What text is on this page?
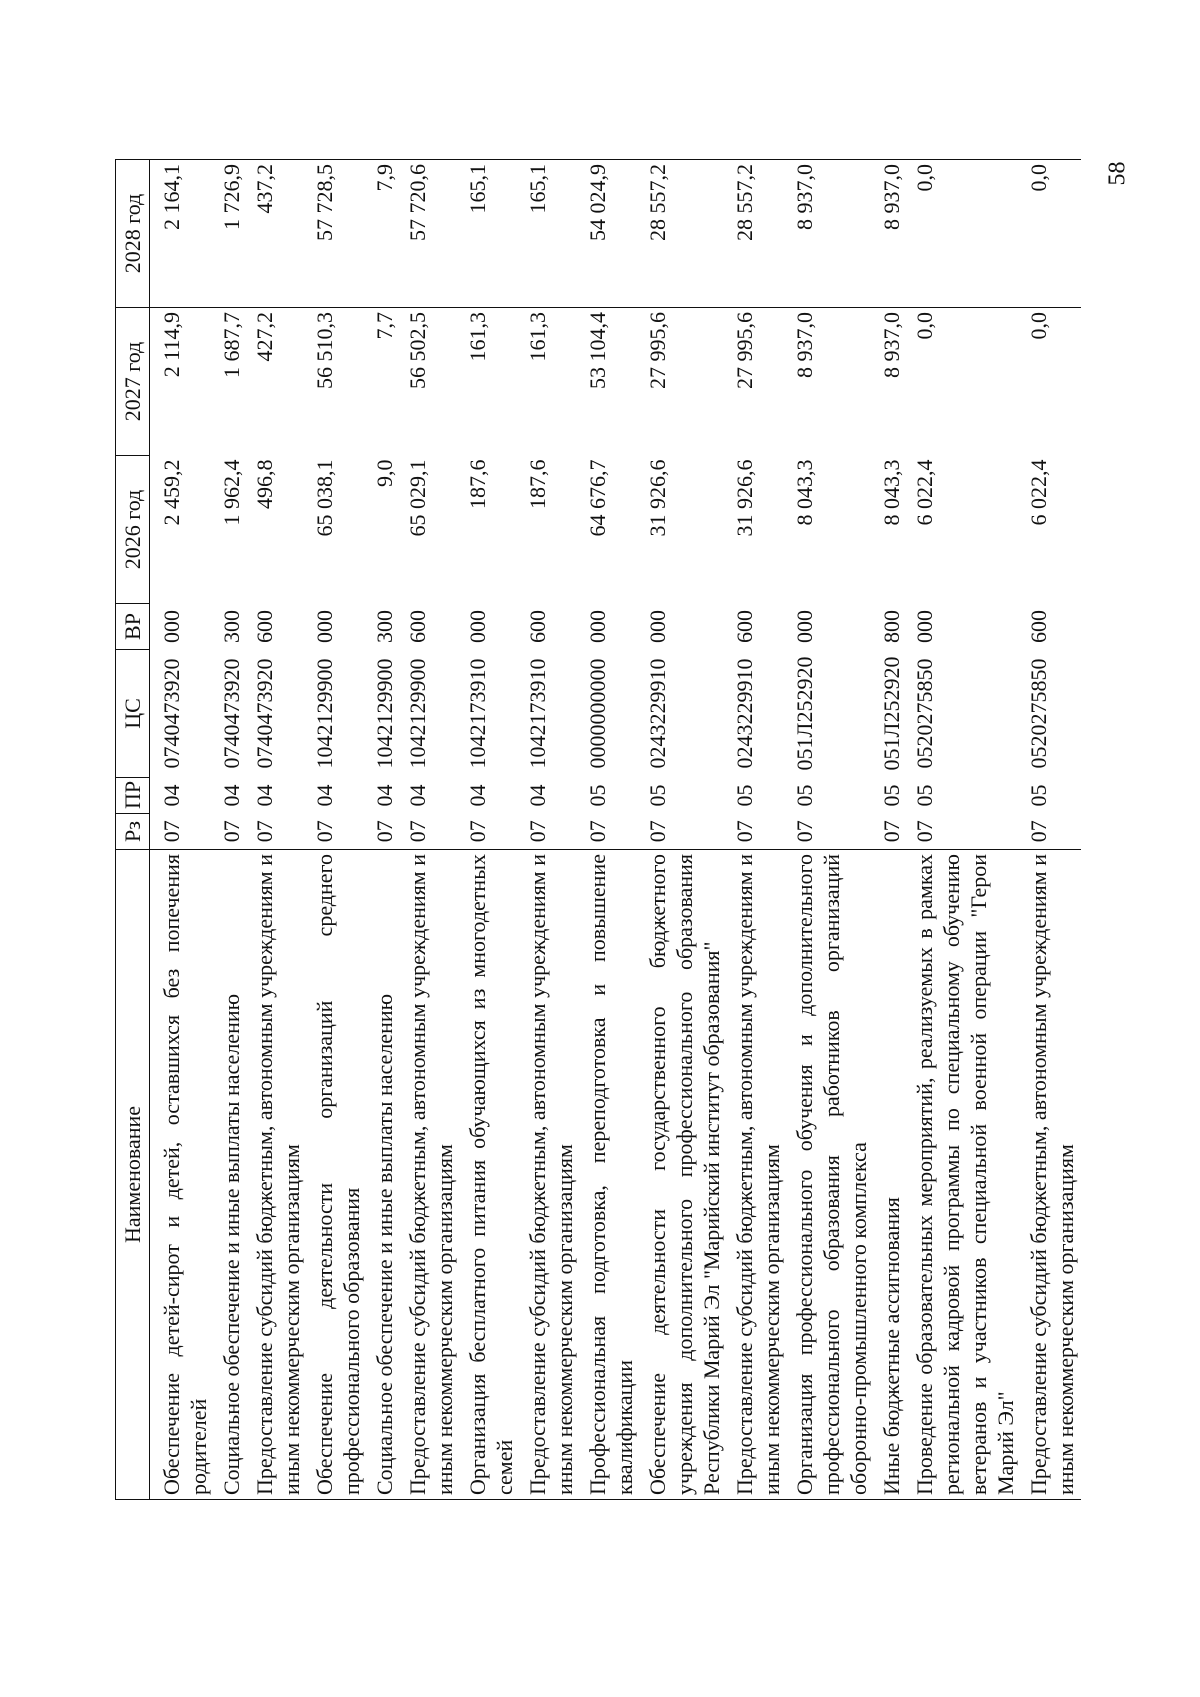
58
Наименование	Рз	ПР	ЦС	ВР	2026 год	2027 год	2028 год
Обеспечение детей-сирот и детей, оставшихся без попечения родителей	07	04	0740473920	000	2 459,2	2 114,9	2 164,1
Социальное обеспечение и иные выплаты населению	07	04	0740473920	300	1 962,4	1 687,7	1 726,9
Предоставление субсидий бюджетным, автономным учреждениям и иным некоммерческим организациям	07	04	0740473920	600	496,8	427,2	437,2
Обеспечение деятельности организаций среднего профессионального образования	07	04	1042129900	000	65 038,1	56 510,3	57 728,5
Социальное обеспечение и иные выплаты населению	07	04	1042129900	300	9,0	7,7	7,9
Предоставление субсидий бюджетным, автономным учреждениям и иным некоммерческим организациям	07	04	1042129900	600	65 029,1	56 502,5	57 720,6
Организация бесплатного питания обучающихся из многодетных семей	07	04	1042173910	000	187,6	161,3	165,1
Предоставление субсидий бюджетным, автономным учреждениям и иным некоммерческим организациям	07	04	1042173910	600	187,6	161,3	165,1
Профессиональная подготовка, переподготовка и повышение квалификации	07	05	0000000000	000	64 676,7	53 104,4	54 024,9
Обеспечение деятельности государственного бюджетного учреждения дополнительного профессионального образования Республики Марий Эл "Марийский институт образования"	07	05	0243229910	000	31 926,6	27 995,6	28 557,2
Предоставление субсидий бюджетным, автономным учреждениям и иным некоммерческим организациям	07	05	0243229910	600	31 926,6	27 995,6	28 557,2
Организация профессионального обучения и дополнительного профессионального образования работников организаций оборонно-промышленного комплекса	07	05	051Л252920	000	8 043,3	8 937,0	8 937,0
Иные бюджетные ассигнования	07	05	051Л252920	800	8 043,3	8 937,0	8 937,0
Проведение образовательных мероприятий, реализуемых в рамках региональной кадровой программы по специальному обучению ветеранов и участников специальной военной операции "Герои Марий Эл"	07	05	0520275850	000	6 022,4	0,0	0,0
Предоставление субсидий бюджетным, автономным учреждениям и иным некоммерческим организациям	07	05	0520275850	600	6 022,4	0,0	0,0
